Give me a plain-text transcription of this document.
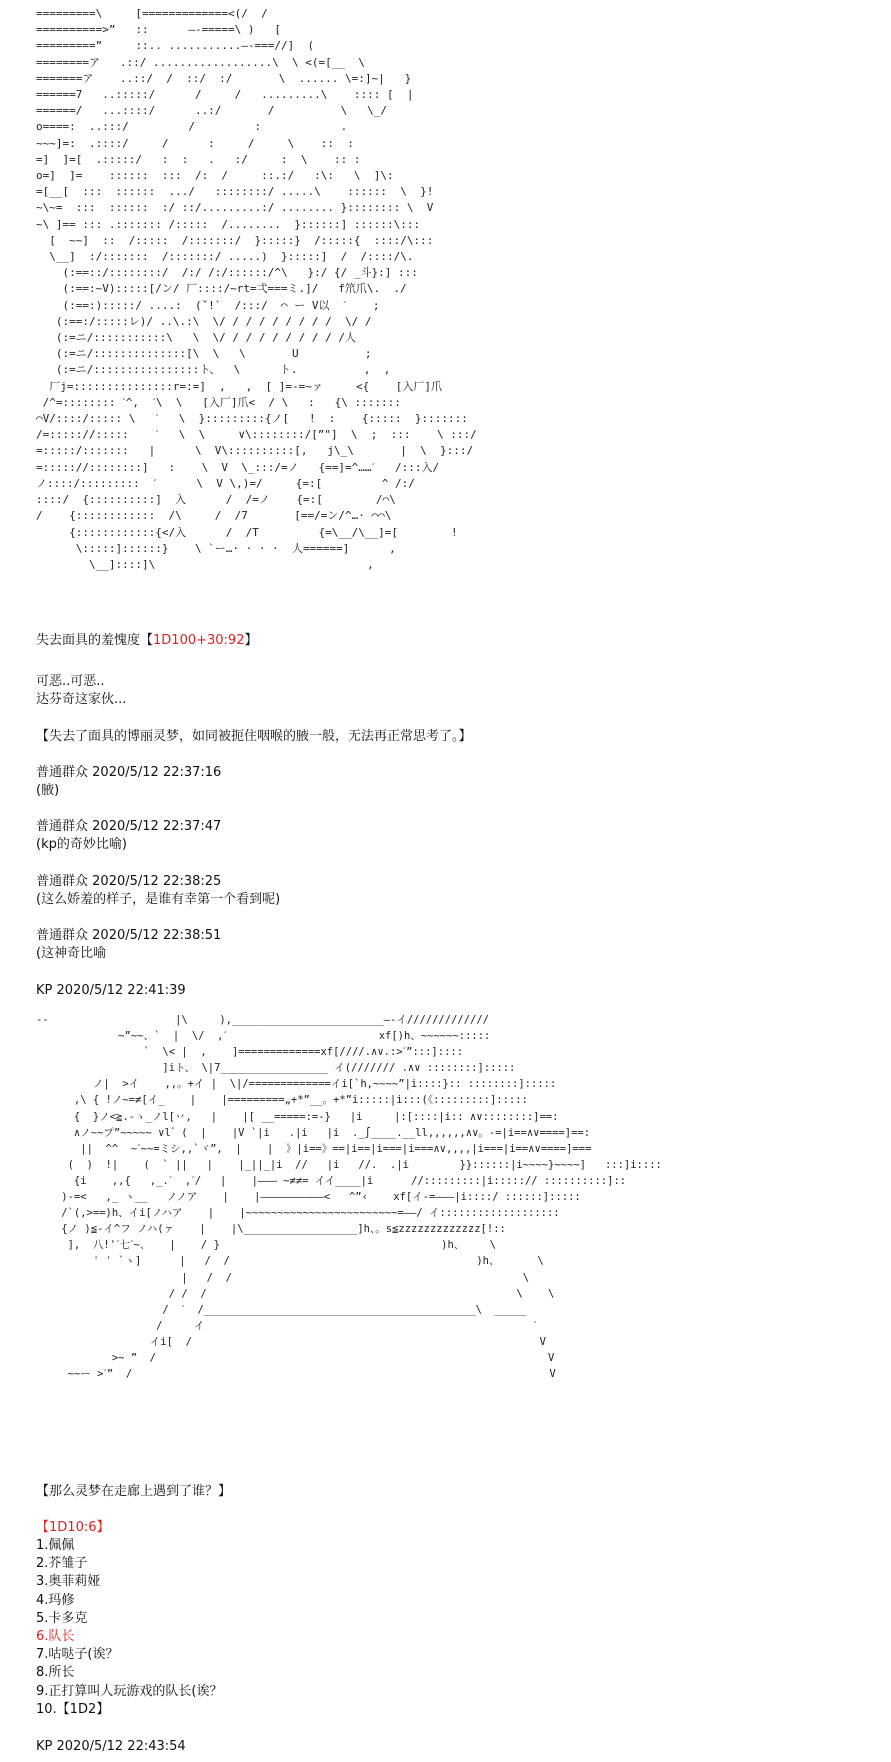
=========\     [=============<(/  /
==========>”   ::      —-=====\ )   [
=========”     ::.. ...........—-===//]  (
========ア   .::/ ..................\  \ <(=[__  \
=======ア    ..::/  /  ::/  :/       \  ...... \=:]~|   }
======7   ..:::::/      /     /   .........\    :::: [  |
======/   ...::::/      ..:/       /          \   \_/
o====:  ..:::/         /         :            .
~~~]=:  .::::/     /      :     /     \    ::  :
=]  ]=[  .:::::/   :  :   .   :/     :  \    :: :
o=]  ]=    ::::::  :::  /:  /     ::.:/   :\:   \  ]\:
=[__[  :::  ::::::  .../   ::::::::/ .....\    ::::::  \  }!
~\~=  :::  ::::::  :/ ::/.........:/ ........ }:::::::: \  V
~\ ]== ::: .::::::: /:::::  /........  }::::::] ::::::\:::
[  ~~]  ::  /:::::  /:::::::/  }:::::}  /:::::{  ::::/\:::
\__]  :/:::::::  /:::::::/ .....)  }:::::]  /  /::::/\.
(:==::/::::::::/  /:/ /:/::::::/^\   }:/ {/ _斗}:] :::
(:==:~V):::::[/ン/ 厂::::/~rt=弌===ミ.]/   f笊爪\.  ./
(:==:):::::/ ....:  (ˇ!`  /:::/  ⌒ ー V以  ˊ    ;
(:==:/:::::レ)/ ..\.:\  \/ / / / / / / / /  \/ /
(:=ニ/:::::::::::\   \  \/ / / / / / / / / /人
(:=ニ/::::::::::::::[\  \   \       U          ;
(:=ニ/::::::::::::::::ト、  \      ト.          ,  ,
厂j=:::::::::::::::r=:=]  ,   ,  [ ]=-=~ァ     <{    [入厂]爪
/^=:::::::: ˊ^,  ˊ\  \   [入厂]爪<  / \   :   {\ :::::::
⌒V/::::/::::: \   ˊ   \  }:::::::::{ノ[   !  :    {:::::  }:::::::
/=::::://:::::    ˊ   \  \     ∨\::::::::/[”"]  \  ;  :::    \ :::/
=:::::/:::::::   |      \  V\::::::::::[,   j\_\       |  \  }:::/
=::::://::::::::]   :    \  V  \_:::/=ノ   {==]=^……ˊ   /:::入/
ノ::::/:::::::::  ˊ      \  V \,)=/     {=:[         ^ /:/
::::/  {::::::::::]  入      /  /=ノ    {=:[        /⌒\
/    {::::::::::::  /\     /  /7       [==/=ン/^…· ⌒⌒\
{::::::::::::{</入      /  /T         {=\__/\__]=[        !
\:::::]::::::}    \ `ー…· · · ·  人======]      ,
\__]::::]\                                ,
失去面具的羞愧度【1D100+30:92】
可恶..可恶..
达芬奇这家伙...
【失去了面具的博丽灵梦，如同被扼住咽喉的腋一般，无法再正常思考了。】
普通群众 2020/5/12 22:37:16
(腋)
普通群众 2020/5/12 22:37:47
(kp的奇妙比喻)
普通群众 2020/5/12 22:38:25
(这么娇羞的样子，是谁有幸第一个看到呢)
普通群众 2020/5/12 22:38:51
(这神奇比喻
KP 2020/5/12 22:41:39
--                    |\     ),________________________—-イ/////////////
~”~~、`  |  \/  ,ˊ                        xf[)h、~~~~~~:::::
`  \< |  ,    ]=============xf[////.∧∨.:>ˊ”:::]::::
]iト、 \|7_________________ イ(/////// .∧∨ ::::::::]:::::
ノ|  >イ    ,,。+イ |  \|/=============イi[`h,~~~~”|i::::}:: ::::::::]:::::
,\ { !ノ~=≠[イ_    |    |=========„+*”__。+*”i:::::|i:::(《:::::::::]:::::
{  }ノ<≧.-ゝ_ノl[丷,   |    |[ __=====:=-}   |i     |:[::::|i:: ∧∨::::::::]==:
∧ノ~~プ”~~~~~ ∨l゛(  |    |V `|i   .|i   |i  ._∫____.__ll,,,,,,∧∨。-=|i==∧∨====]==:
||  ^^  ~ˊ~~=ミシ,,`ヾ”,  |    |  》|i==》==|i==|i===|i===∧∨,,,,|i===|i==∧∨====]===
(  )  !|    (  ` ||   |    |_||_|i  //   |i   //.  .|i        }}::::::|i~~~~}~~~~]   :::]i::::
{i    ,,{   ,_.ˊ  ,ˊ/   |    |——— ~≠≠= イイ____|i      //:::::::::|i:::::// ::::::::::]::
)-=<   ,_ ヽ__   ノノア    |    |——————————<   ^”‹    xf[イ-=———|i::::/ ::::::]:::::
/`(,>==)h、イi[ノハア    |    |~~~~~~~~~~~~~~~~~~~~~~~~=——/ イ:::::::::::::::::::
{ノ )≦-イ^フ ノハ(ァ    |    |\__________________]h、。s≦zzzzzzzzzzzzz[!::
],  八!'ˊ七ˊ~、   |    / }                                   )h、    \
ˈ ˈ `ヽ]      |   /  /                                       )h、      \
|   /  /                                              \
/ /  /                                                 \    \
/  ˊ  /___________________________________________\  _____
/     イ                                                    ˊ
イi[  /                                                       V
>~ ”  /                                                              V
~~ー >ˊ”  /                                                                  V
【那么灵梦在走廊上遇到了谁？】
【1D10:6】
1.佩佩
2.芥雏子
3.奥菲莉娅
4.玛修
5.卡多克
6.队长
7.咕哒子(诶？
8.所长
9.正打算叫人玩游戏的队长(诶？
10.【1D2】
KP 2020/5/12 22:43:54
